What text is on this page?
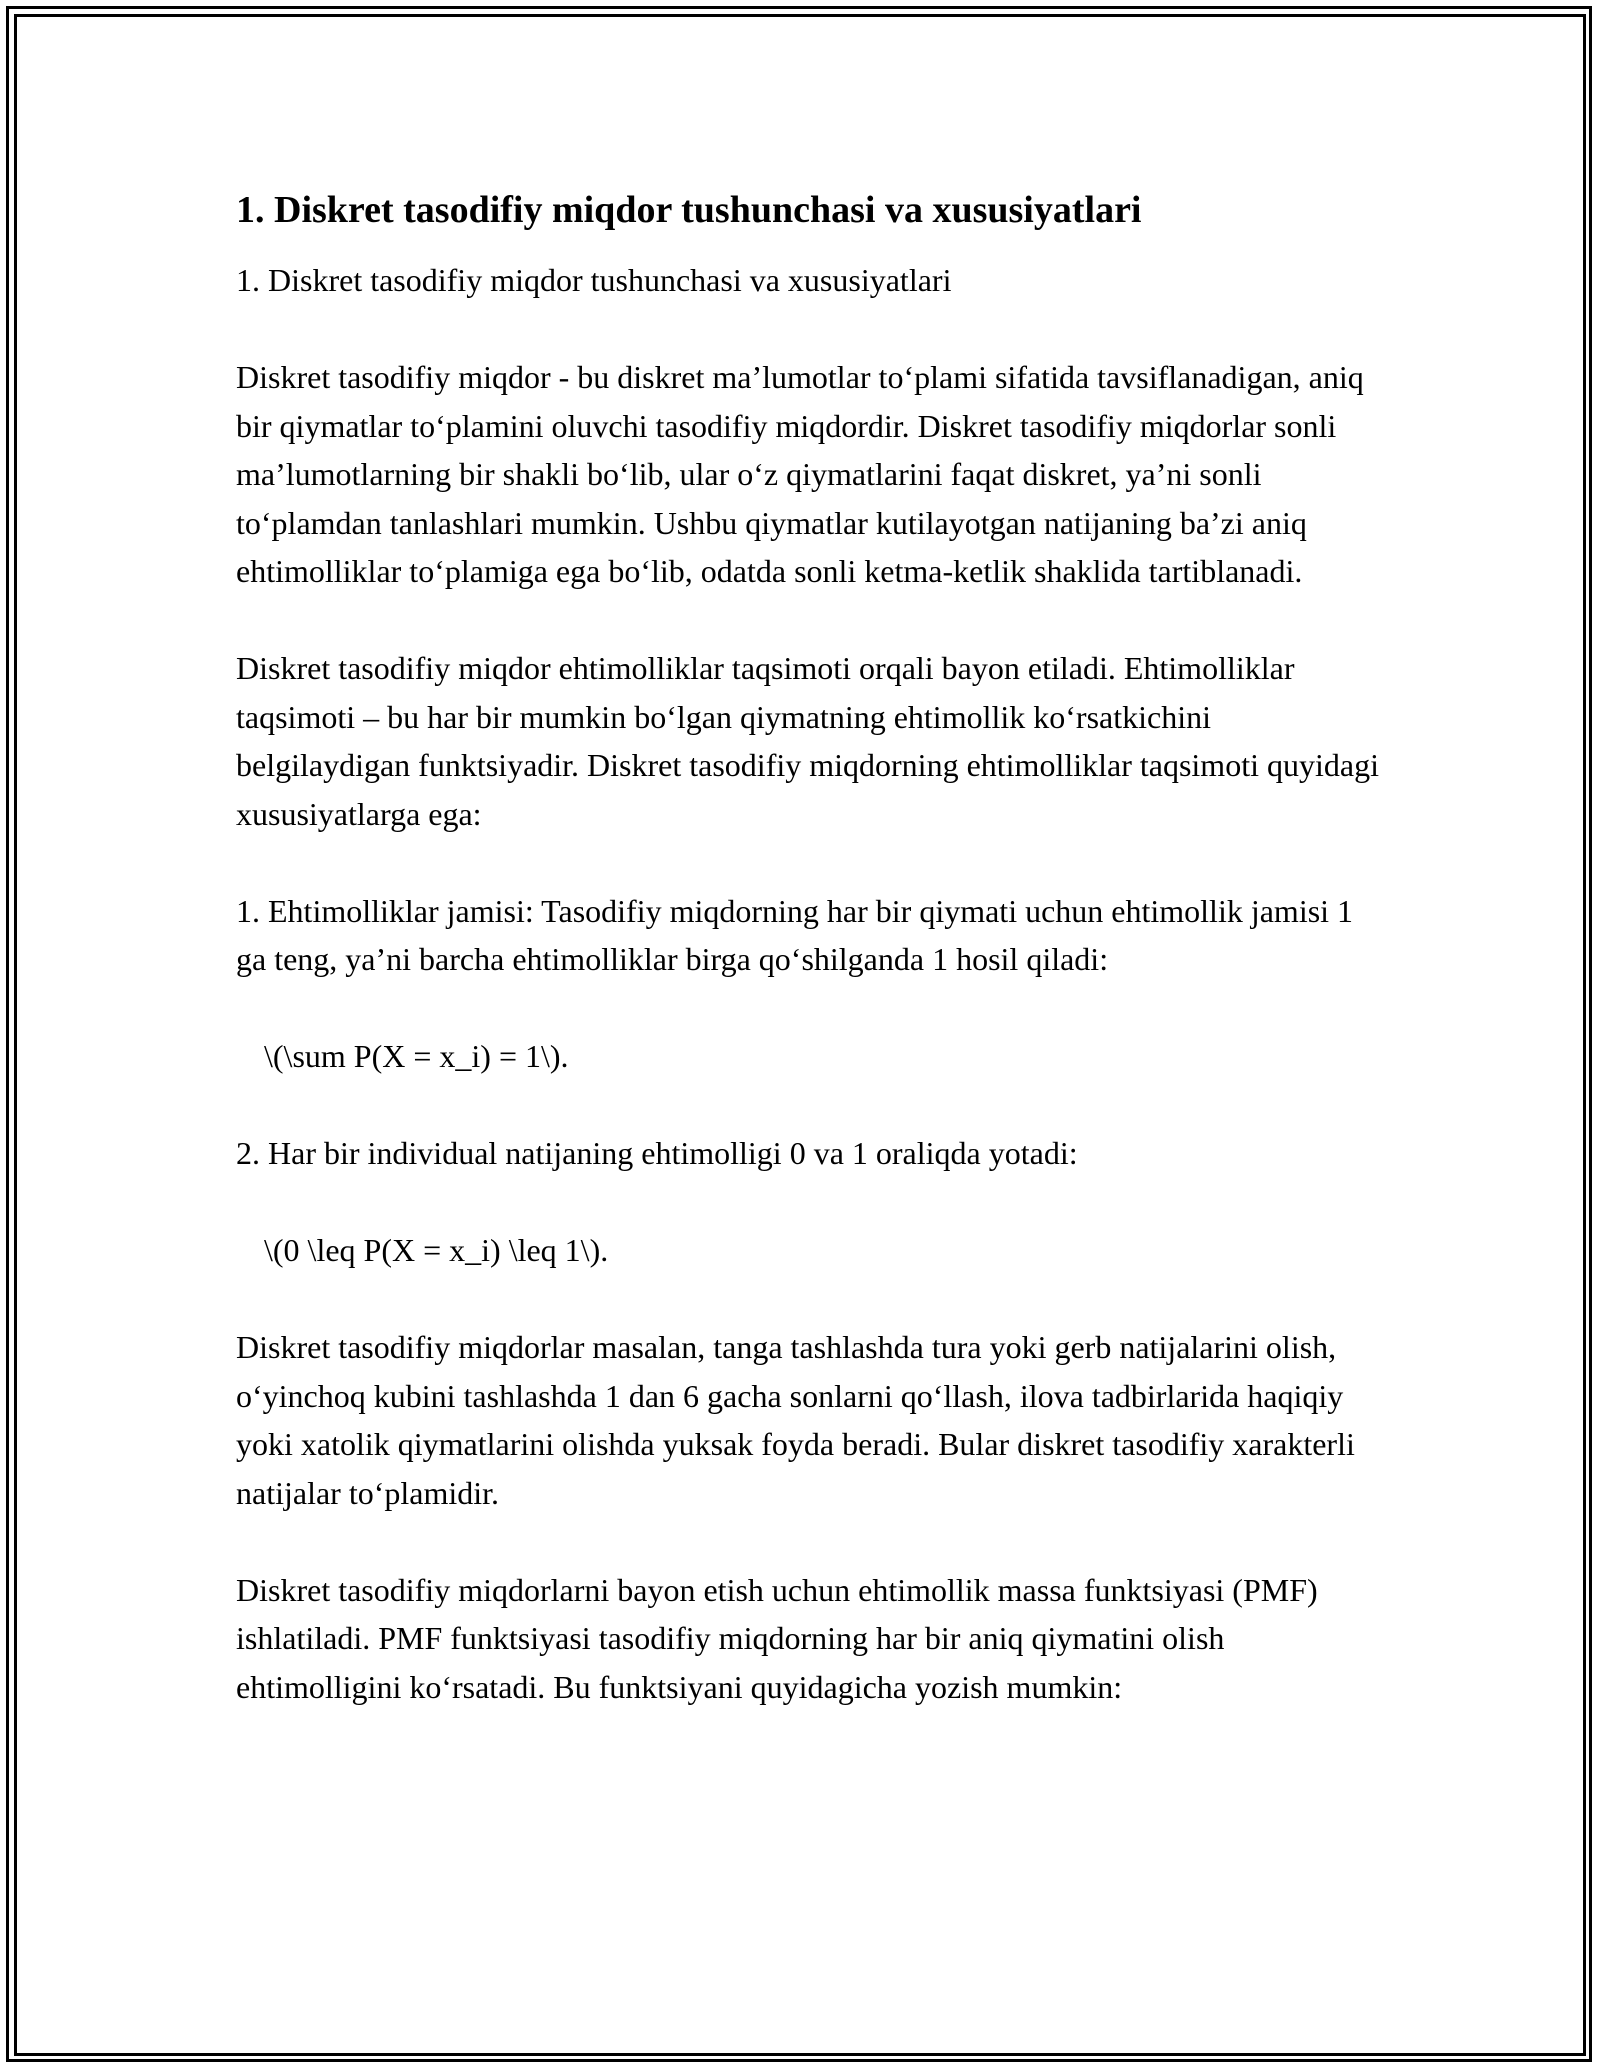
1. Diskret tasodifiy miqdor tushunchasi va xususiyatlari

1. Diskret tasodifiy miqdor tushunchasi va xususiyatlari

Diskret tasodifiy miqdor - bu diskret ma’lumotlar to‘plami sifatida tavsiflanadigan, aniq bir qiymatlar to‘plamini oluvchi tasodifiy miqdordir. Diskret tasodifiy miqdorlar sonli ma’lumotlarning bir shakli bo‘lib, ular o‘z qiymatlarini faqat diskret, ya’ni sonli to‘plamdan tanlashlari mumkin. Ushbu qiymatlar kutilayotgan natijaning ba’zi aniq ehtimolliklar to‘plamiga ega bo‘lib, odatda sonli ketma-ketlik shaklida tartiblanadi.

Diskret tasodifiy miqdor ehtimolliklar taqsimoti orqali bayon etiladi. Ehtimolliklar taqsimoti – bu har bir mumkin bo‘lgan qiymatning ehtimollik ko‘rsatkichini belgilaydigan funktsiyadir. Diskret tasodifiy miqdorning ehtimolliklar taqsimoti quyidagi xususiyatlarga ega:

1. Ehtimolliklar jamisi: Tasodifiy miqdorning har bir qiymati uchun ehtimollik jamisi 1 ga teng, ya’ni barcha ehtimolliklar birga qo‘shilganda 1 hosil qiladi:

\(\sum P(X = x_i) = 1\).

2. Har bir individual natijaning ehtimolligi 0 va 1 oraliqda yotadi:

\(0 \leq P(X = x_i) \leq 1\).

Diskret tasodifiy miqdorlar masalan, tanga tashlashda tura yoki gerb natijalarini olish, o‘yinchoq kubini tashlashda 1 dan 6 gacha sonlarni qo‘llash, ilova tadbirlarida haqiqiy yoki xatolik qiymatlarini olishda yuksak foyda beradi. Bular diskret tasodifiy xarakterli natijalar to‘plamidir.

Diskret tasodifiy miqdorlarni bayon etish uchun ehtimollik massa funktsiyasi (PMF) ishlatiladi. PMF funktsiyasi tasodifiy miqdorning har bir aniq qiymatini olish ehtimolligini ko‘rsatadi. Bu funktsiyani quyidagicha yozish mumkin:
